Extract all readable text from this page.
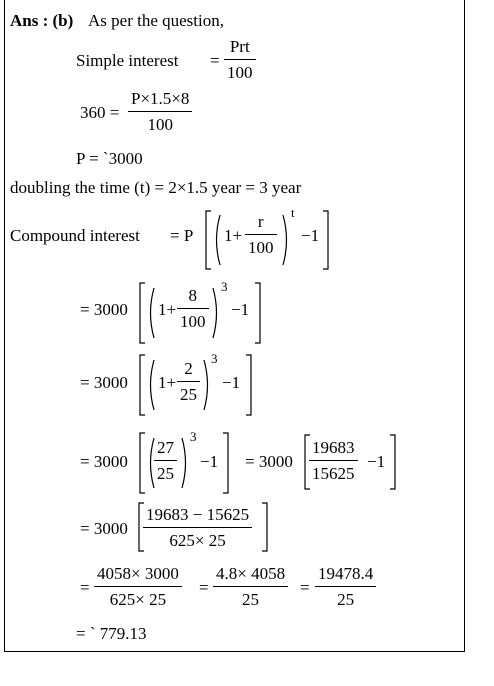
Ans : (b) As per the question,
Simple interest =
Prt
100
360 =
P×1.5×8
100
P = `3000
doubling the time (t) = 2×1.5 year = 3 year
Compound interest = P 1+
r
100
t
−1
= 3000 1+
8
100
3
−1
= 3000 1+
2
25
3
−1
= 3000
27
25
3
−1 = 3000
19683
15625
−1
= 3000
19683 − 15625
625× 25
=
4058× 3000
625× 25
=
4.8× 4058
25
=
19478.4
25
= ` 779.13
